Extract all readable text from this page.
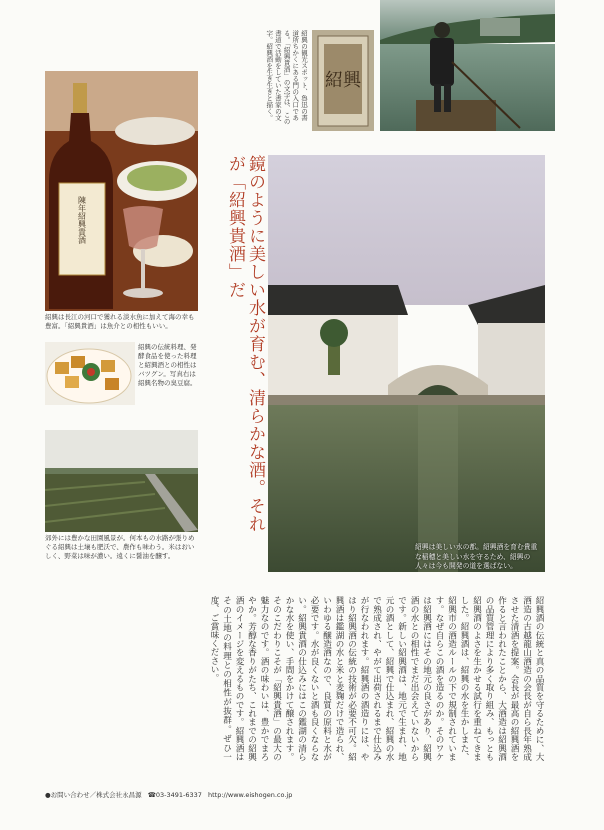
紹興
紹興の観光スポット、魯迅の書道所ちかくにある門の入口である。「紹興貴酒」の文字は、この書道で活動をしていた書家の文字。紹興酒を生き生きと描く。
陳年紹興貴酒

紹興は長江の河口で獲れる淡水魚に加えて海の幸も豊富。「紹興貴酒」は魚介との相性もいい。

紹興の伝統料理、発酵食品を使った料理と紹興酒との相性はバツグン。写真右は紹興名物の臭豆腐。

郊外には豊かな田園風景が。何本もの水路が張りめぐる紹興は土壌も肥沃で、農作も味わう。米はおいしく、野菜は味が濃い。遠くに醤油を醸す。

鏡のように美しい水が育む、清らかな酒。それが「紹興貴酒」だ

紹興は美しい水の都。紹興酒を育む貴重な稲穂と美しい水を守るため、紹興の人々は今も開発の道を選ばない。

紹興酒の伝統と真の品質を守るために、大酒造の古越龍山酒造の会長が自ら長年熟成させた清酒を提案。会長が最高の紹興酒を作ると言われたことから、大酒造は紹興酒の品質管理により多く取り組み、もっとも紹興酒のよさを生かせる試行を重ねてきました。紹興酒は、紹興の水を生かしまた、紹興市の酒造ルールの下で規制されています。なぜ自らこの酒を造るのか。そのワケは紹興酒にはその地元の良さがあり、紹興酒の水との相性でまだ出会えていないからです。新しい紹興酒は、地元で生まれ、地元の酒として、紹興で仕込まれ、紹興の水で熟成され、やがて出荷されるまで仕込みが行なわれます。紹興酒の酒造りには、やはり紹興酒の伝統の技術が必要不可欠。紹興酒は鑑湖の水と米と麦麹だけで造られ、いわゆる醸造酒なので、良質の原料と水が必要です。水が良くないと酒も良くならない。紹興貴酒の仕込みにはこの鑑湖の清らかな水を使い、手間をかけて醸されます。そのこだわりこそが「紹興貴酒」の最大の魅力なのです。酒の味わいは、豊かでまろやか。芳醇な香りがたち、これまでの紹興酒のイメージを変えるものです。紹興酒はその土地の料理との相性が抜群。ぜひ一度、ご賞味ください。

●お問い合わせ／株式会社永昌源 ☎03-3491-6337 http://www.eishogen.co.jp
